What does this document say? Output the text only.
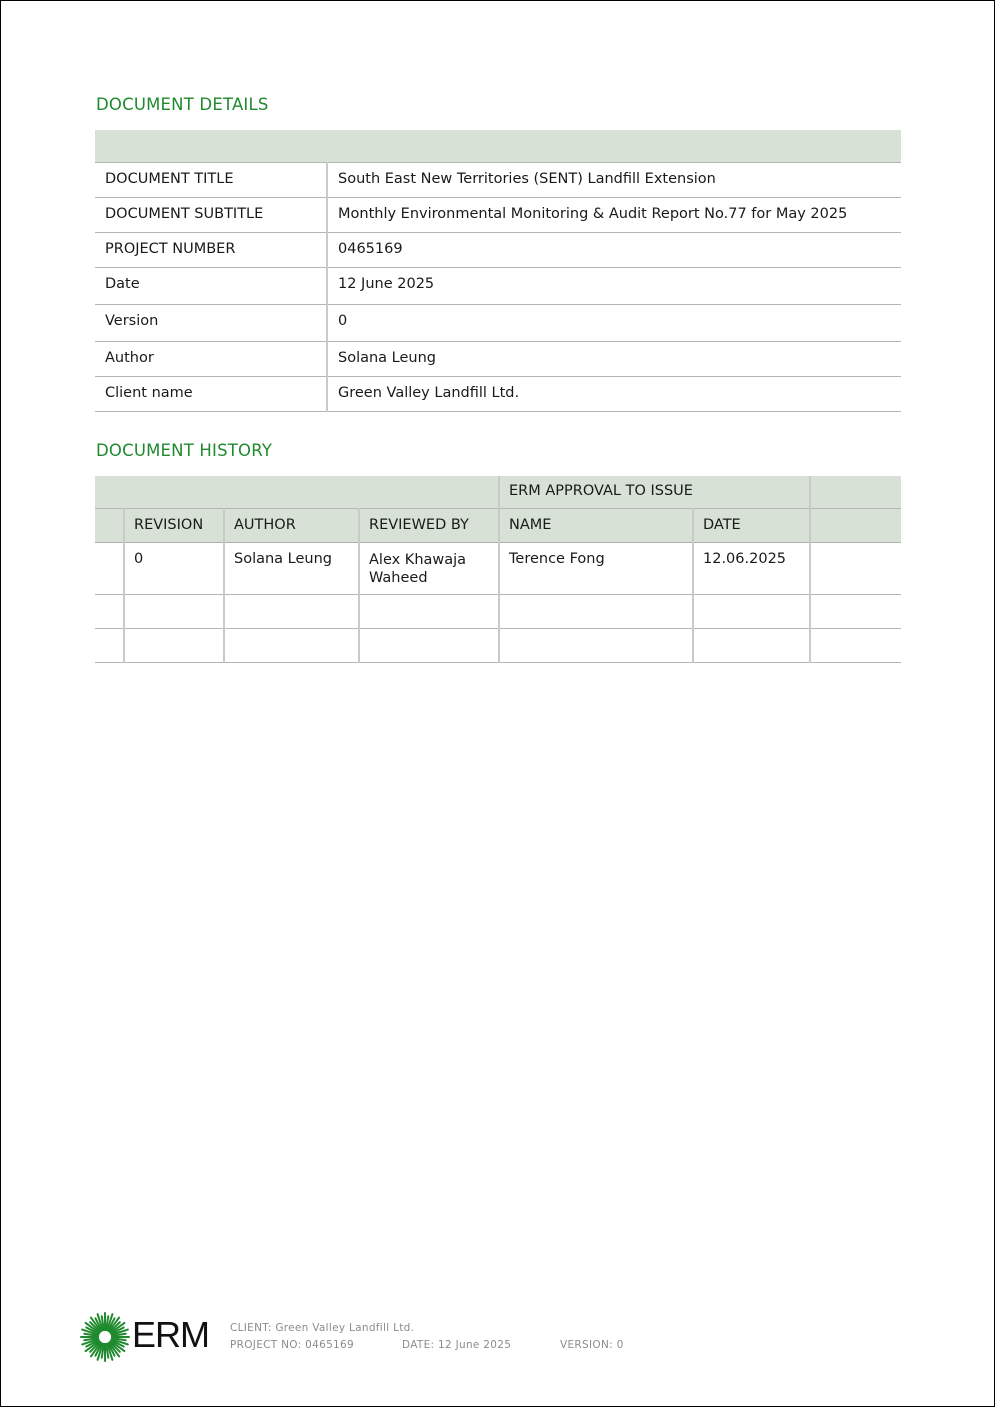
DOCUMENT DETAILS

DOCUMENT TITLE	South East New Territories (SENT) Landfill Extension
DOCUMENT SUBTITLE	Monthly Environmental Monitoring & Audit Report No.77 for May 2025
PROJECT NUMBER	0465169
Date	12 June 2025
Version	0
Author	Solana Leung
Client name	Green Valley Landfill Ltd.
DOCUMENT HISTORY
				ERM APPROVAL TO ISSUE		
	REVISION	AUTHOR	REVIEWED BY	NAME	DATE	
	0	Solana Leung	Alex Khawaja Waheed	Terence Fong	12.06.2025	

ERM CLIENT: Green Valley Landfill Ltd.
PROJECT NO: 0465169	DATE: 12 June 2025	VERSION: 0
